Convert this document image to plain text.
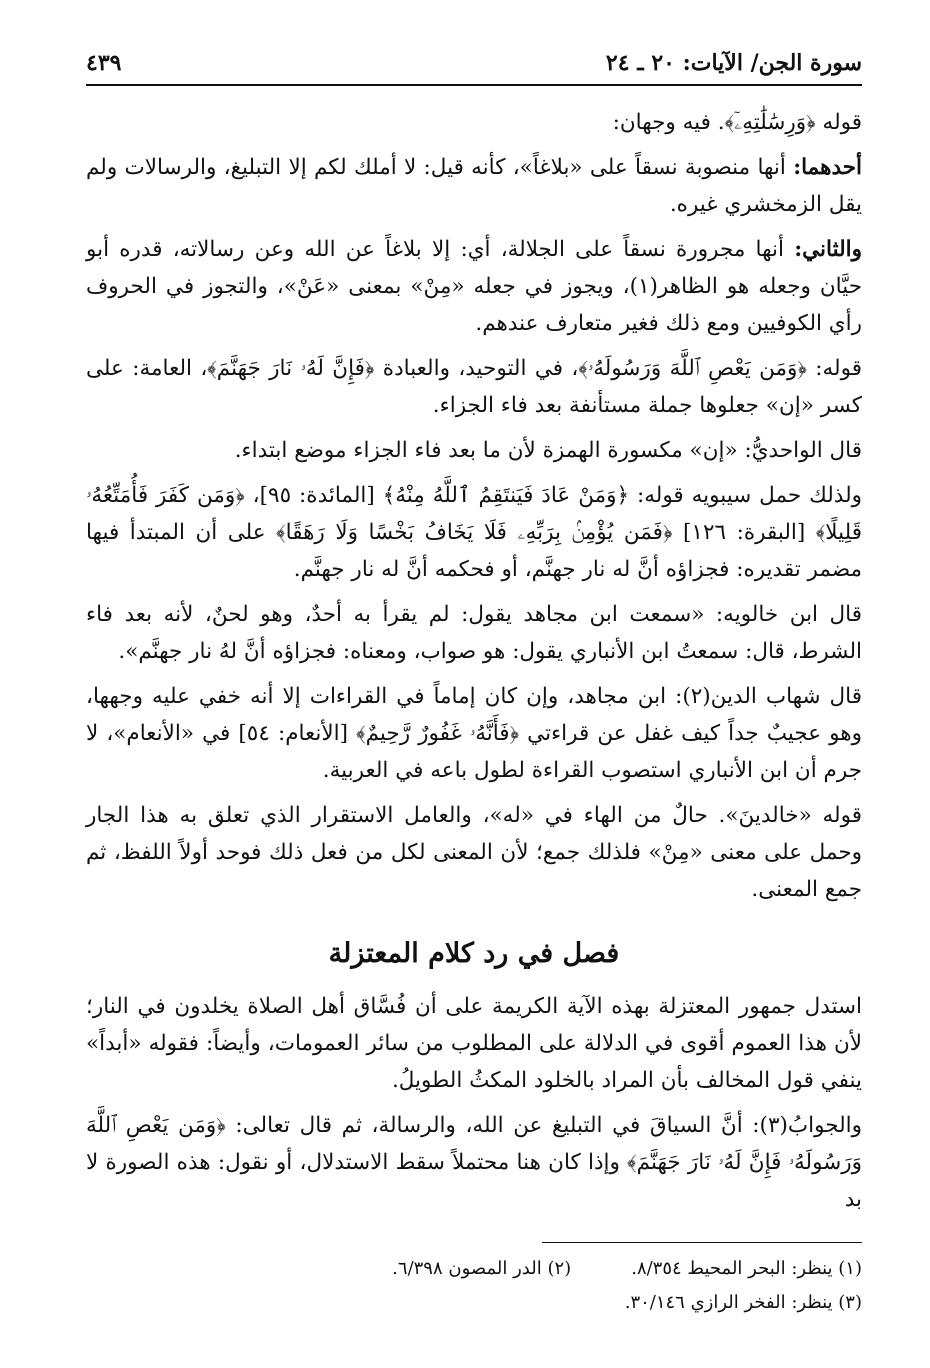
سورة الجن/ الآيات: ٢٠ ـ ٢٤
٤٣٩

قوله ﴿وَرِسَٰلَٰتِهِۦٓ﴾. فيه وجهان:

أحدهما: أنها منصوبة نسقاً على «بلاغاً»، كأنه قيل: لا أملك لكم إلا التبليغ، والرسالات ولم يقل الزمخشري غيره.

والثاني: أنها مجرورة نسقاً على الجلالة، أي: إلا بلاغاً عن الله وعن رسالاته، قدره أبو حيَّان وجعله هو الظاهر(١)، ويجوز في جعله «مِنْ» بمعنى «عَنْ»، والتجوز في الحروف رأي الكوفيين ومع ذلك فغير متعارف عندهم.

قوله: ﴿وَمَن يَعْصِ ٱللَّهَ وَرَسُولَهُۥ﴾، في التوحيد، والعبادة ﴿فَإِنَّ لَهُۥ نَارَ جَهَنَّمَ﴾، العامة: على كسر «إن» جعلوها جملة مستأنفة بعد فاء الجزاء.

قال الواحديُّ: «إن» مكسورة الهمزة لأن ما بعد فاء الجزاء موضع ابتداء.

ولذلك حمل سيبويه قوله: ﴿وَمَنْ عَادَ فَيَنتَقِمُ ٱللَّهُ مِنْهُ﴾ [المائدة: ٩٥]، ﴿وَمَن كَفَرَ فَأُمَتِّعُهُۥ قَلِيلًا﴾ [البقرة: ١٢٦] ﴿فَمَن يُؤْمِنۢ بِرَبِّهِۦ فَلَا يَخَافُ بَخْسًا وَلَا رَهَقًا﴾ على أن المبتدأ فيها مضمر تقديره: فجزاؤه أنَّ له نار جهنَّم، أو فحكمه أنَّ له نار جهنَّم.

قال ابن خالويه: «سمعت ابن مجاهد يقول: لم يقرأ به أحدٌ، وهو لحنٌ، لأنه بعد فاء الشرط، قال: سمعتُ ابن الأنباري يقول: هو صواب، ومعناه: فجزاؤه أنَّ لهُ نار جهنَّم».

قال شهاب الدين(٢): ابن مجاهد، وإن كان إماماً في القراءات إلا أنه خفي عليه وجهها، وهو عجيبٌ جداً كيف غفل عن قراءتي ﴿فَأَنَّهُۥ غَفُورٌ رَّحِيمٌ﴾ [الأنعام: ٥٤] في «الأنعام»، لا جرم أن ابن الأنباري استصوب القراءة لطول باعه في العربية.

قوله «خالدينَ». حالٌ من الهاء في «له»، والعامل الاستقرار الذي تعلق به هذا الجار وحمل على معنى «مِنْ» فلذلك جمع؛ لأن المعنى لكل من فعل ذلك فوحد أولاً اللفظ، ثم جمع المعنى.

فصل في رد كلام المعتزلة

استدل جمهور المعتزلة بهذه الآية الكريمة على أن فُسَّاق أهل الصلاة يخلدون في النار؛ لأن هذا العموم أقوى في الدلالة على المطلوب من سائر العمومات، وأيضاً: فقوله «أبداً» ينفي قول المخالف بأن المراد بالخلود المكثُ الطويلُ.

والجوابُ(٣): أنَّ السياقَ في التبليغ عن الله، والرسالة، ثم قال تعالى: ﴿وَمَن يَعْصِ ٱللَّهَ وَرَسُولَهُۥ فَإِنَّ لَهُۥ نَارَ جَهَنَّمَ﴾ وإذا كان هنا محتملاً سقط الاستدلال، أو نقول: هذه الصورة لا بد

(١) ينظر: البحر المحيط ٨/٣٥٤.
(٢) الدر المصون ٦/٣٩٨.
(٣) ينظر: الفخر الرازي ٣٠/١٤٦.
